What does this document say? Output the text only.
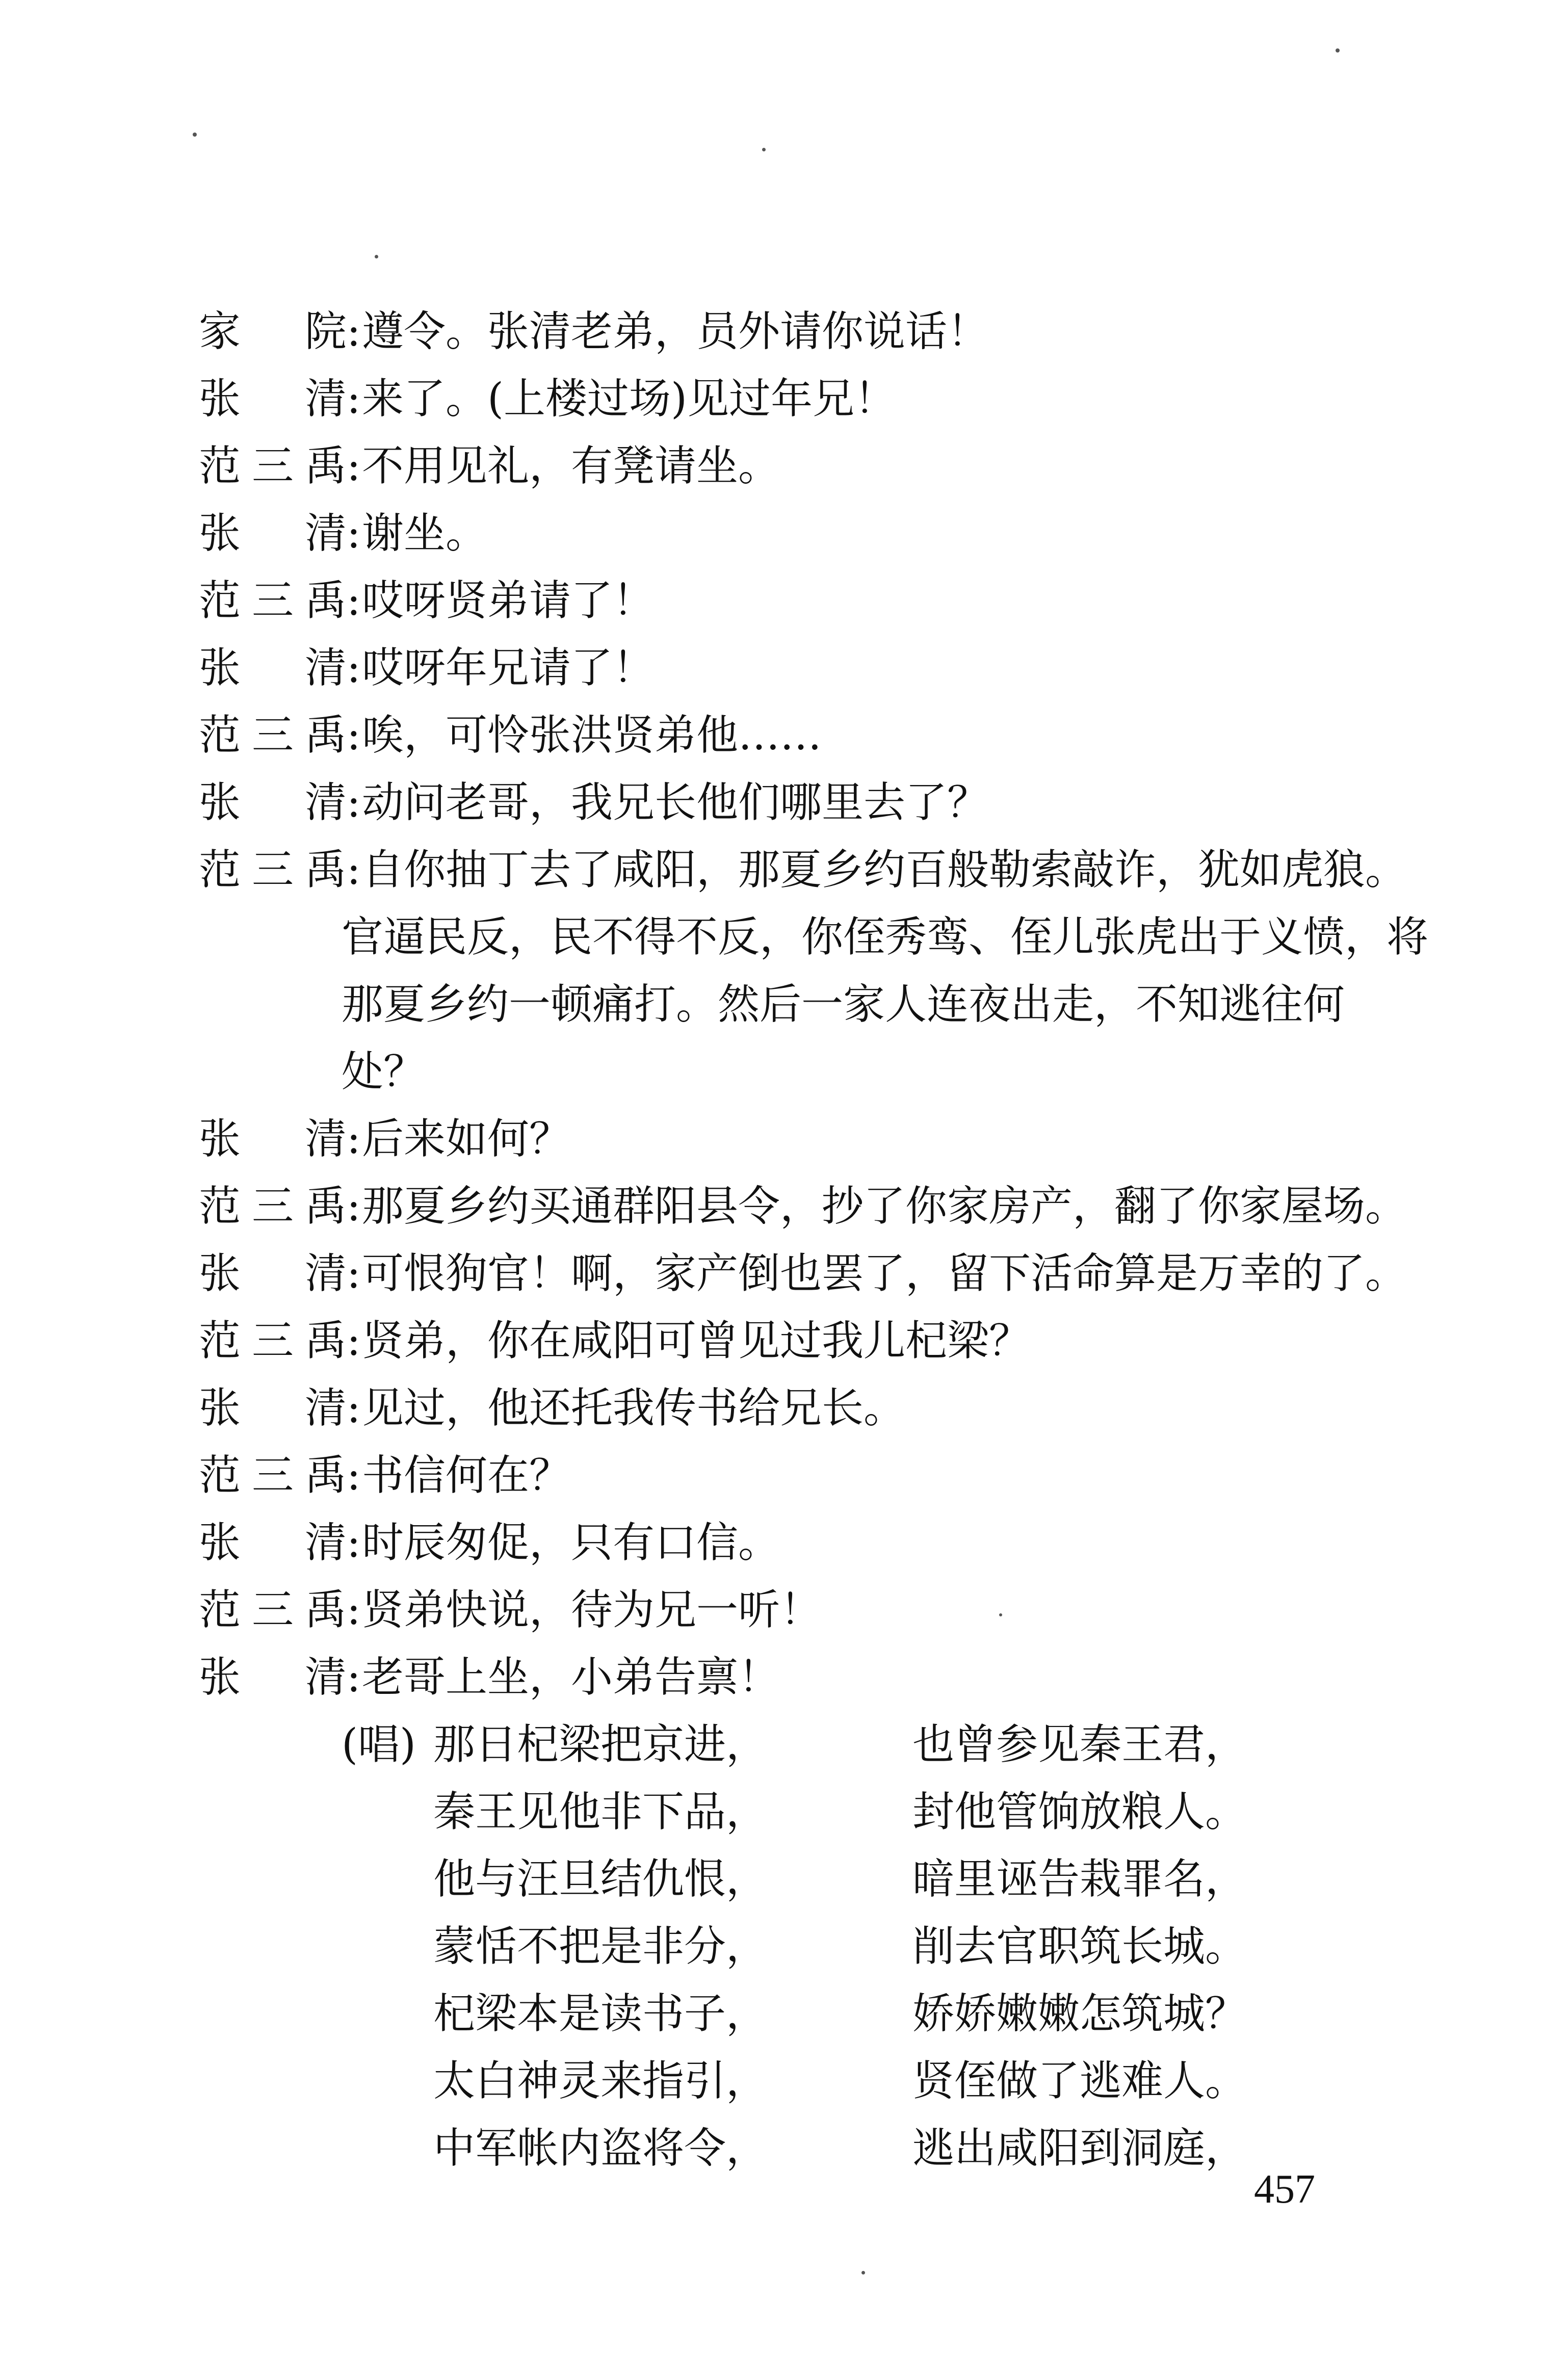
家 院 : 遵令。张清老弟，员外请你说话！
张 清 : 来了。(上楼过场)见过年兄！
范 三 禹 : 不用见礼，有凳请坐。
张 清 : 谢坐。
范 三 禹 : 哎呀贤弟请了！
张 清 : 哎呀年兄请了！
范 三 禹 : 唉，可怜张洪贤弟他……
张 清 : 动问老哥，我兄长他们哪里去了？
范 三 禹 : 自你抽丁去了咸阳，那夏乡约百般勒索敲诈，犹如虎狼。
官逼民反，民不得不反，你侄秀鸾、侄儿张虎出于义愤，将
那夏乡约一顿痛打。然后一家人连夜出走，不知逃往何
处？
张 清 : 后来如何？
范 三 禹 : 那夏乡约买通群阳县令，抄了你家房产，翻了你家屋场。
张 清 : 可恨狗官！啊，家产倒也罢了，留下活命算是万幸的了。
范 三 禹 : 贤弟，你在咸阳可曾见过我儿杞梁？
张 清 : 见过，他还托我传书给兄长。
范 三 禹 : 书信何在？
张 清 : 时辰匆促，只有口信。
范 三 禹 : 贤弟快说，待为兄一听！
张 清 : 老哥上坐，小弟告禀！
(唱) 那日杞梁把京进，	也曾参见秦王君，
秦王见他非下品，	封他管饷放粮人。
他与汪旦结仇恨，	暗里诬告栽罪名，
蒙恬不把是非分，	削去官职筑长城。
杞梁本是读书子，	娇娇嫩嫩怎筑城？
太白神灵来指引，	贤侄做了逃难人。
中军帐内盗将令，	逃出咸阳到洞庭，
457
